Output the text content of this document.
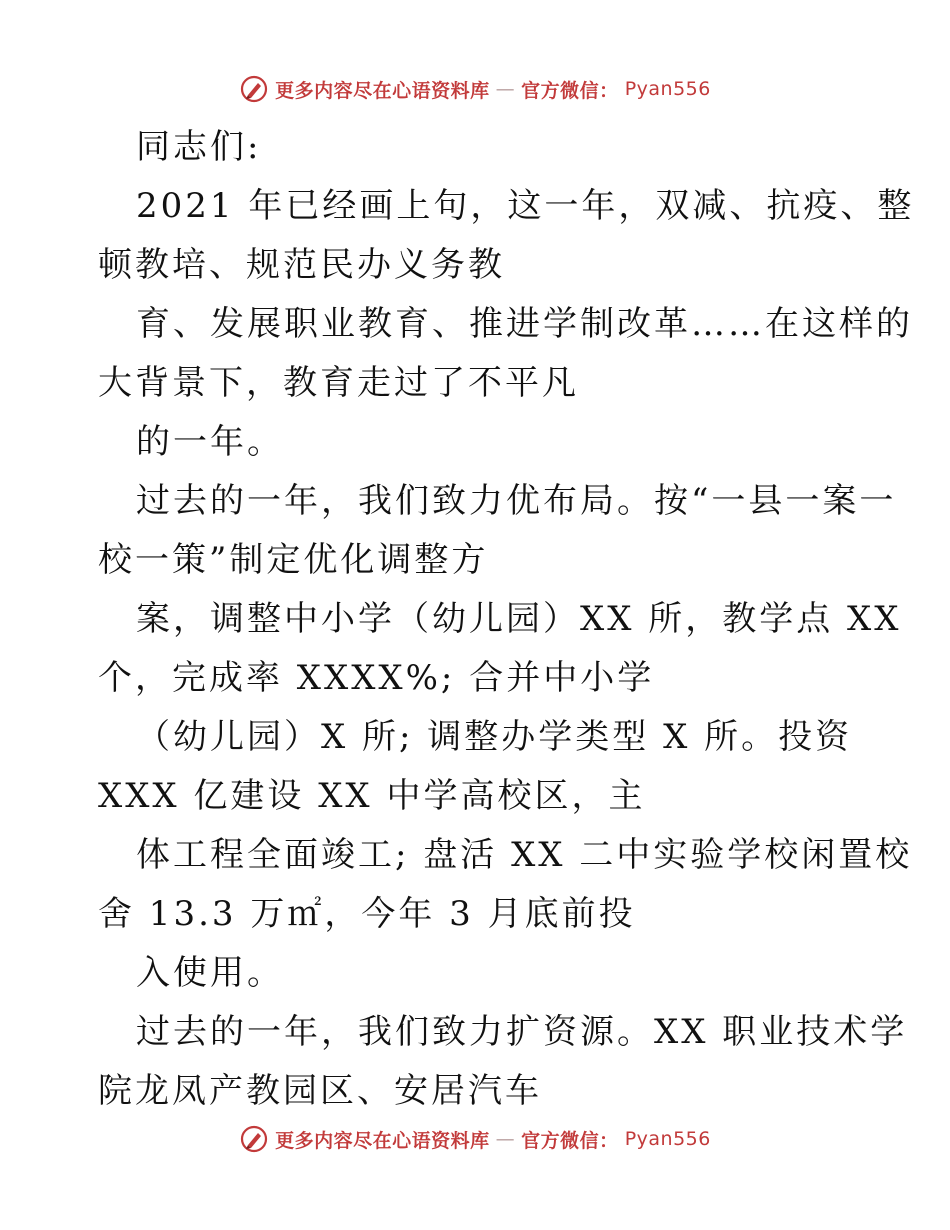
更多内容尽在心语资料库 — 官方微信： Pyan556
同志们:
2021 年已经画上句，这一年，双减、抗疫、整
顿教培、规范民办义务教
育、发展职业教育、推进学制改革……在这样的
大背景下，教育走过了不平凡
的一年。
过去的一年，我们致力优布局。按“一县一案一
校一策”制定优化调整方
案，调整中小学（幼儿园）XX 所，教学点 XX
个，完成率 XXXX%; 合并中小学
（幼儿园）X 所; 调整办学类型 X 所。投资
XXX 亿建设 XX 中学高校区，主
体工程全面竣工; 盘活 XX 二中实验学校闲置校
舍 13.3 万㎡，今年 3 月底前投
入使用。
过去的一年，我们致力扩资源。XX 职业技术学
院龙凤产教园区、安居汽车
更多内容尽在心语资料库 — 官方微信： Pyan556
